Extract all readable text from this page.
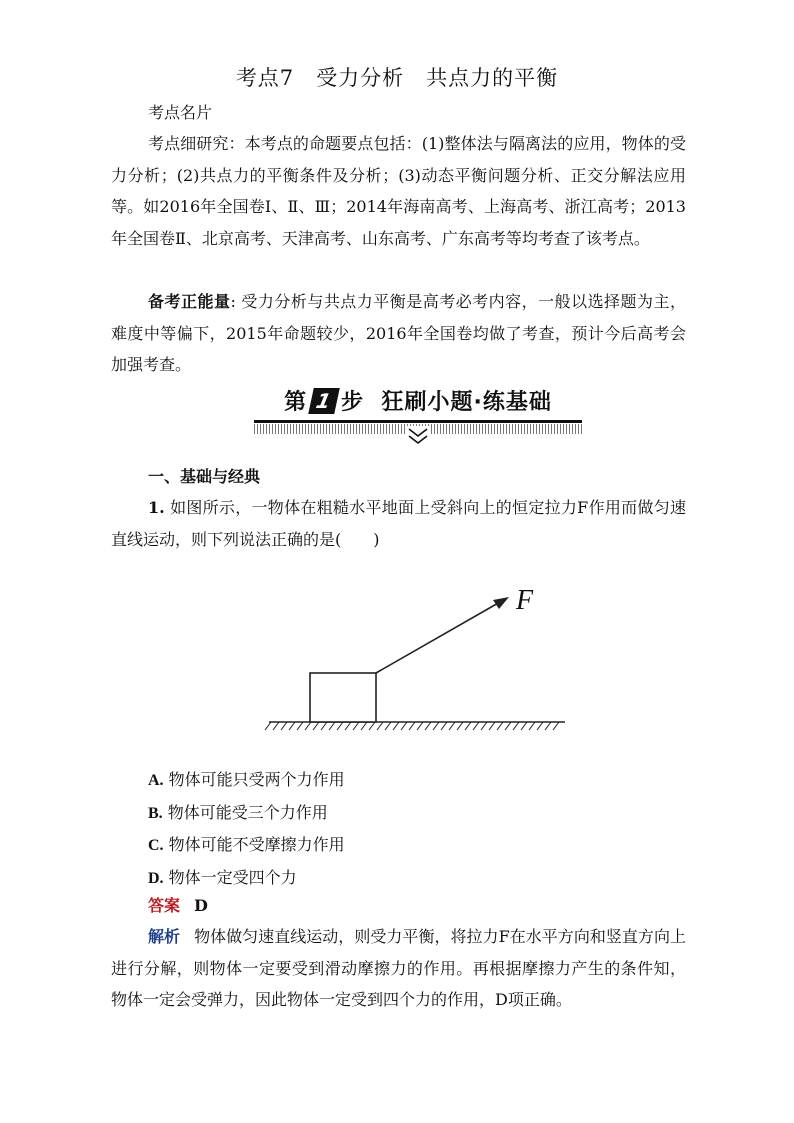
考点7 受力分析 共点力的平衡
考点名片
考点细研究：本考点的命题要点包括：(1)整体法与隔离法的应用，物体的受力分析；(2)共点力的平衡条件及分析；(3)动态平衡问题分析、正交分解法应用等。如2016年全国卷Ⅰ、Ⅱ、Ⅲ；2014年海南高考、上海高考、浙江高考；2013年全国卷Ⅱ、北京高考、天津高考、山东高考、广东高考等均考查了该考点。
备考正能量: 受力分析与共点力平衡是高考必考内容，一般以选择题为主，难度中等偏下，2015年命题较少，2016年全国卷均做了考查，预计今后高考会加强考查。
第 1 步 狂刷小题·练基础
一、基础与经典
1. 如图所示，一物体在粗糙水平地面上受斜向上的恒定拉力F作用而做匀速直线运动，则下列说法正确的是(　　)
F
A. 物体可能只受两个力作用
B. 物体可能受三个力作用
C. 物体可能不受摩擦力作用
D. 物体一定受四个力
答案 D
解析 物体做匀速直线运动，则受力平衡，将拉力F在水平方向和竖直方向上进行分解，则物体一定要受到滑动摩擦力的作用。再根据摩擦力产生的条件知，物体一定会受弹力，因此物体一定受到四个力的作用，D项正确。
